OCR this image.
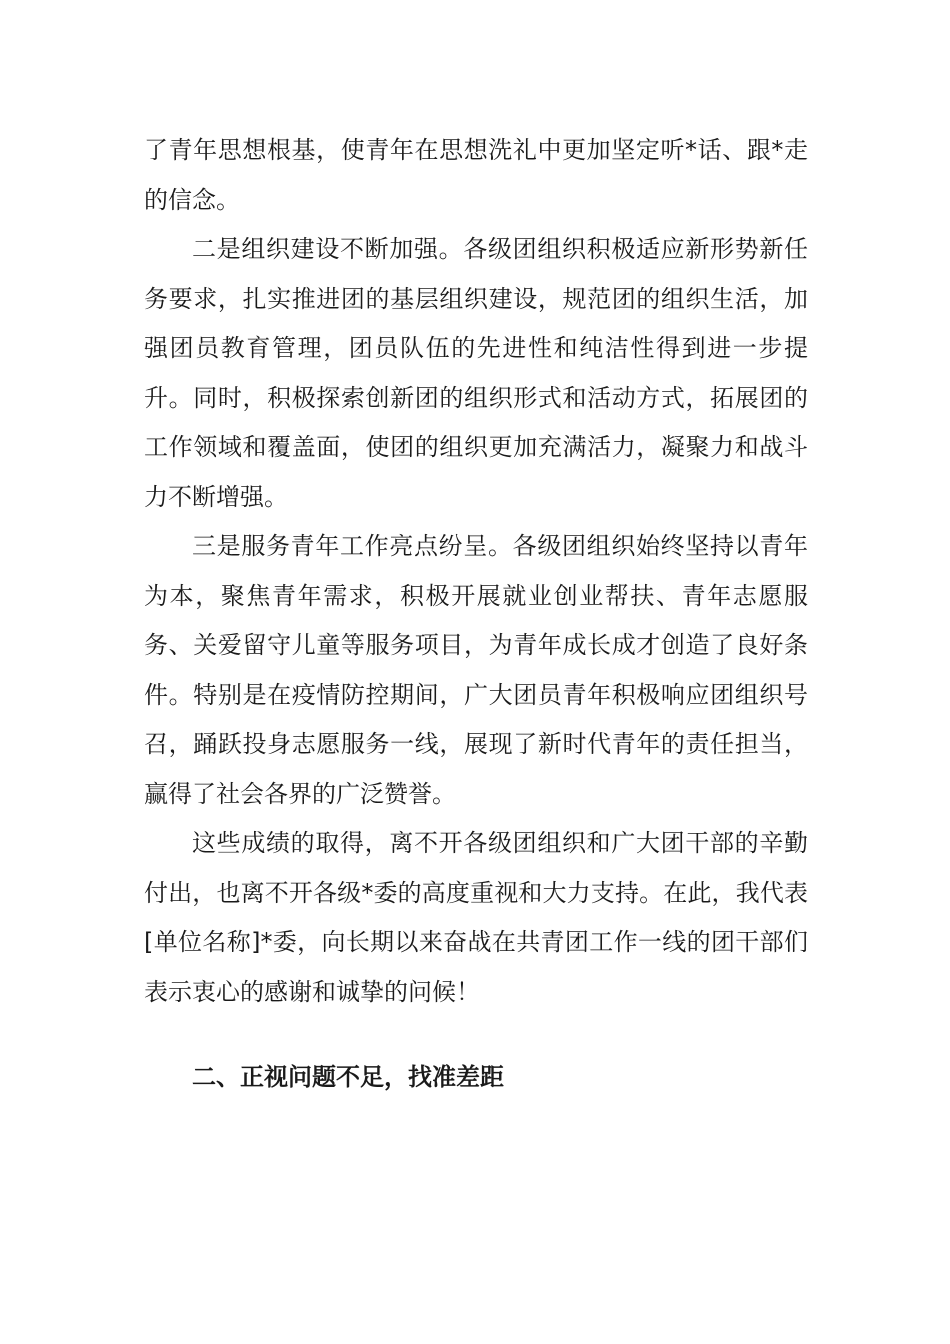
了青年思想根基，使青年在思想洗礼中更加坚定听*话、跟*走的信念。

二是组织建设不断加强。各级团组织积极适应新形势新任务要求，扎实推进团的基层组织建设，规范团的组织生活，加强团员教育管理，团员队伍的先进性和纯洁性得到进一步提升。同时，积极探索创新团的组织形式和活动方式，拓展团的工作领域和覆盖面，使团的组织更加充满活力，凝聚力和战斗力不断增强。

三是服务青年工作亮点纷呈。各级团组织始终坚持以青年为本，聚焦青年需求，积极开展就业创业帮扶、青年志愿服务、关爱留守儿童等服务项目，为青年成长成才创造了良好条件。特别是在疫情防控期间，广大团员青年积极响应团组织号召，踊跃投身志愿服务一线，展现了新时代青年的责任担当，赢得了社会各界的广泛赞誉。

这些成绩的取得，离不开各级团组织和广大团干部的辛勤付出，也离不开各级*委的高度重视和大力支持。在此，我代表[单位名称]*委，向长期以来奋战在共青团工作一线的团干部们表示衷心的感谢和诚挚的问候！

二、正视问题不足，找准差距
